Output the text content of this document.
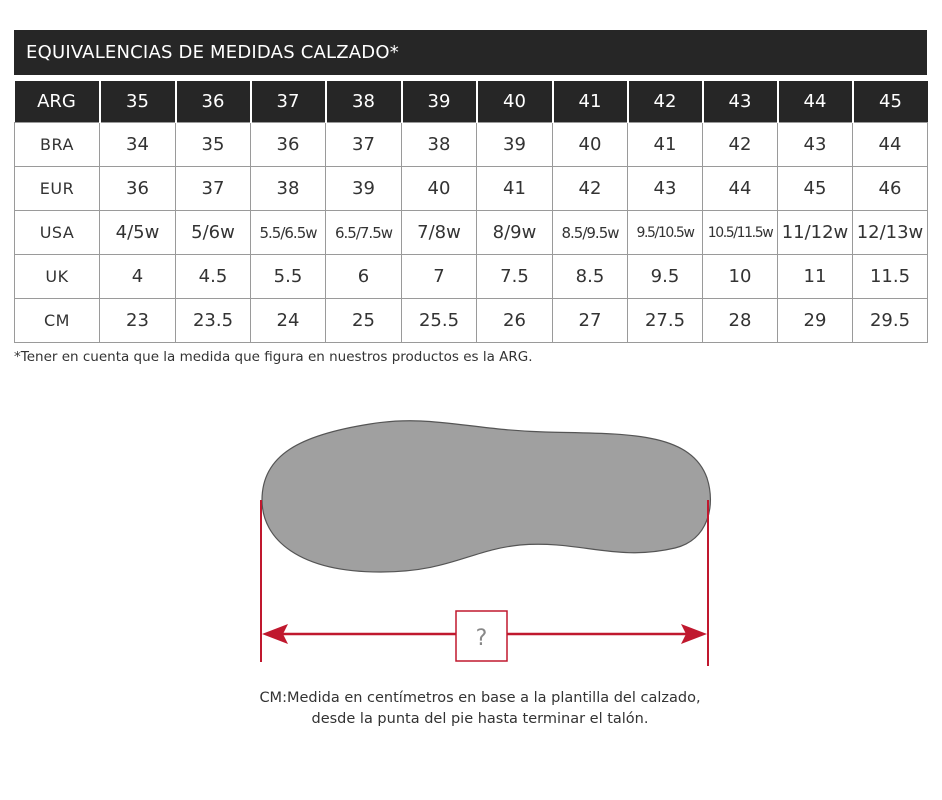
EQUIVALENCIAS DE MEDIDAS CALZADO*
ARG	35	36	37	38	39	40	41	42	43	44	45
BRA	34	35	36	37	38	39	40	41	42	43	44
EUR	36	37	38	39	40	41	42	43	44	45	46
USA	4/5w	5/6w	5.5/6.5w	6.5/7.5w	7/8w	8/9w	8.5/9.5w	9.5/10.5w	10.5/11.5w	11/12w	12/13w
UK	4	4.5	5.5	6	7	7.5	8.5	9.5	10	11	11.5
CM	23	23.5	24	25	25.5	26	27	27.5	28	29	29.5
*Tener en cuenta que la medida que figura en nuestros productos es la ARG.
?
CM:Medida en centímetros en base a la plantilla del calzado,
desde la punta del pie hasta terminar el talón.
